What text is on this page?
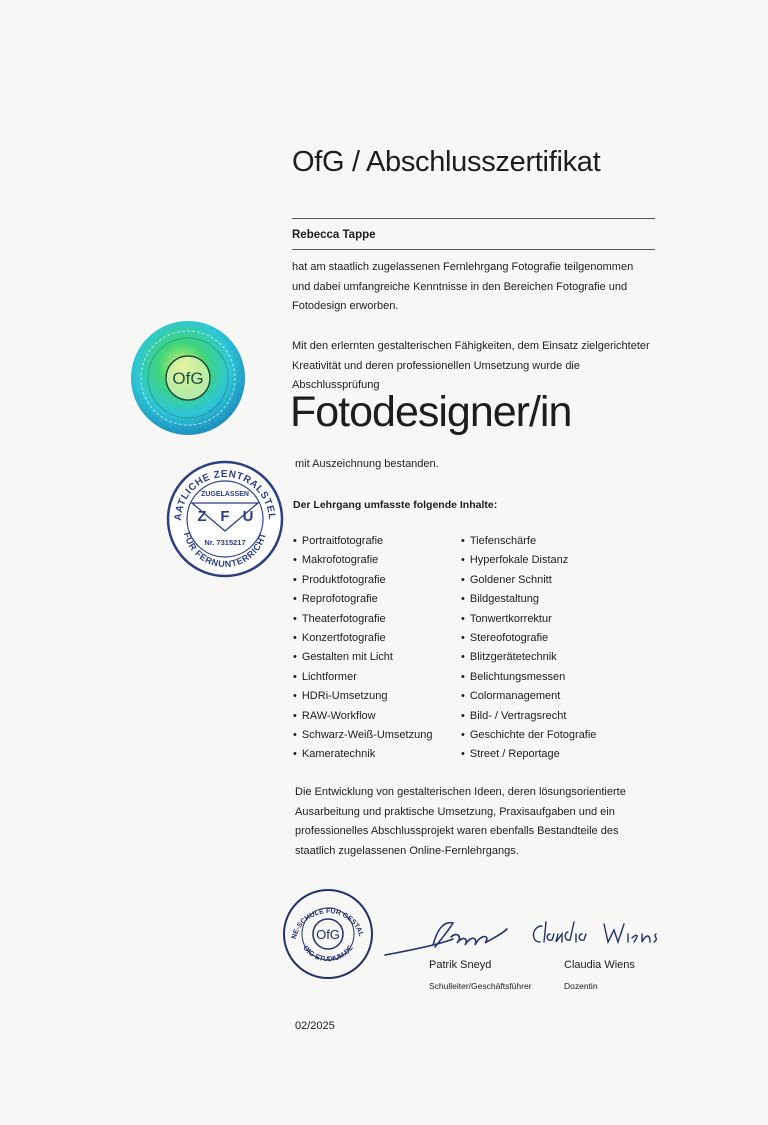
OfG / Abschlusszertifikat
Rebecca Tappe
hat am staatlich zugelassenen Fernlehrgang Fotografie teilgenommen
und dabei umfangreiche Kenntnisse in den Bereichen Fotografie und
Fotodesign erworben.
Mit den erlernten gestalterischen Fähigkeiten, dem Einsatz zielgerichteter
Kreativität und deren professionellen Umsetzung wurde die Abschlussprüfung
Fotodesigner/in
mit Auszeichnung bestanden.
Der Lehrgang umfasste folgende Inhalte:
• Portraitfotografie
• Makrofotografie
• Produktfotografie
• Reprofotografie
• Theaterfotografie
• Konzertfotografie
• Gestalten mit Licht
• Lichtformer
• HDRi-Umsetzung
• RAW-Workflow
• Schwarz-Weiß-Umsetzung
• Kameratechnik
• Tiefenschärfe
• Hyperfokale Distanz
• Goldener Schnitt
• Bildgestaltung
• Tonwertkorrektur
• Stereofotografie
• Blitzgerätetechnik
• Belichtungsmessen
• Colormanagement
• Bild- / Vertragsrecht
• Geschichte der Fotografie
• Street / Reportage
Die Entwicklung von gestalterischen Ideen, deren lösungsorientierte
Ausarbeitung und praktische Umsetzung, Praxisaufgaben und ein
professionelles Abschlussprojekt waren ebenfalls Bestandteile des
staatlich zugelassenen Online-Fernlehrgangs.
OfG
STAATLICHE ZENTRALSTELLE
FÜR FERNUNTERRICHT
ZUGELASSEN
Z F U
Nr. 7315217
ONLINE-SCHULE FÜR GESTALTUNG
OfG-STUDIUM.DE
OfG
Patrik Sneyd
Schulleiter/Geschäftsführer
Claudia Wiens
Dozentin
02/2025
